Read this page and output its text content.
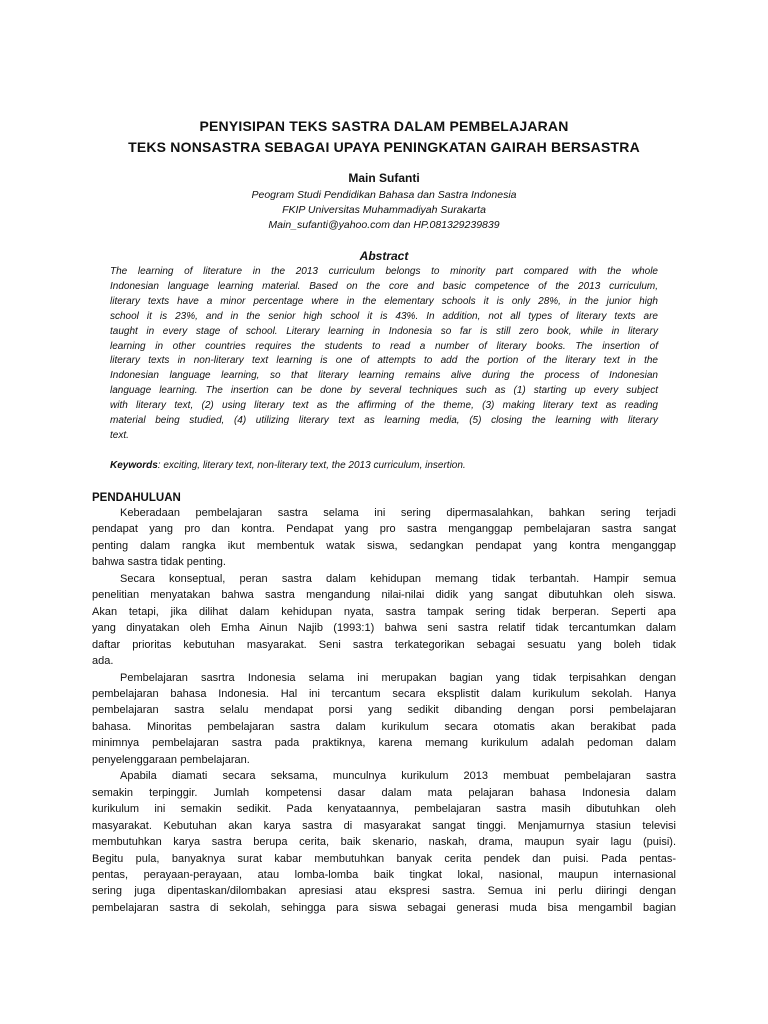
PENYISIPAN TEKS SASTRA DALAM PEMBELAJARAN
TEKS NONSASTRA SEBAGAI UPAYA PENINGKATAN GAIRAH BERSASTRA
Main Sufanti
Peogram Studi Pendidikan Bahasa dan Sastra Indonesia
FKIP Universitas Muhammadiyah Surakarta
Main_sufanti@yahoo.com dan HP.081329239839
Abstract
The learning of literature in the 2013 curriculum belongs to minority part compared with the whole
Indonesian language learning material. Based on the core and basic competence of the 2013 curriculum,
literary texts have a minor percentage where in the elementary schools it is only 28%, in the junior high
school it is 23%, and in the senior high school it is 43%. In addition, not all types of literary texts are
taught in every stage of school. Literary learning in Indonesia so far is still zero book, while in literary
learning in other countries requires the students to read a number of literary books. The insertion of
literary texts in non-literary text learning is one of attempts to add the portion of the literary text in the
Indonesian language learning, so that literary learning remains alive during the process of Indonesian
language learning. The insertion can be done by several techniques such as (1) starting up every subject
with literary text, (2) using literary text as the affirming of the theme, (3) making literary text as reading
material being studied, (4) utilizing literary text as learning media, (5) closing the learning with literary
text.
Keywords: exciting, literary text, non-literary text, the 2013 curriculum, insertion.
PENDAHULUAN
Keberadaan pembelajaran sastra selama ini sering dipermasalahkan, bahkan sering terjadi
pendapat yang pro dan kontra. Pendapat yang pro sastra menganggap pembelajaran sastra sangat
penting dalam rangka ikut membentuk watak siswa, sedangkan pendapat yang kontra menganggap
bahwa sastra tidak penting.
Secara konseptual, peran sastra dalam kehidupan memang tidak terbantah. Hampir semua
penelitian menyatakan bahwa sastra mengandung nilai-nilai didik yang sangat dibutuhkan oleh siswa.
Akan tetapi, jika dilihat dalam kehidupan nyata, sastra tampak sering tidak berperan. Seperti apa
yang dinyatakan oleh Emha Ainun Najib (1993:1) bahwa seni sastra relatif tidak tercantumkan dalam
daftar prioritas kebutuhan masyarakat. Seni sastra terkategorikan sebagai sesuatu yang boleh tidak
ada.
Pembelajaran sasrtra Indonesia selama ini merupakan bagian yang tidak terpisahkan dengan
pembelajaran bahasa Indonesia. Hal ini tercantum secara eksplistit dalam kurikulum sekolah. Hanya
pembelajaran sastra selalu mendapat porsi yang sedikit dibanding dengan porsi pembelajaran
bahasa. Minoritas pembelajaran sastra dalam kurikulum secara otomatis akan berakibat pada
minimnya pembelajaran sastra pada praktiknya, karena memang kurikulum adalah pedoman dalam
penyelenggaraan pembelajaran.
Apabila diamati secara seksama, munculnya kurikulum 2013 membuat pembelajaran sastra
semakin terpinggir. Jumlah kompetensi dasar dalam mata pelajaran bahasa Indonesia dalam
kurikulum ini semakin sedikit. Pada kenyataannya, pembelajaran sastra masih dibutuhkan oleh
masyarakat. Kebutuhan akan karya sastra di masyarakat sangat tinggi. Menjamurnya stasiun televisi
membutuhkan karya sastra berupa cerita, baik skenario, naskah, drama, maupun syair lagu (puisi).
Begitu pula, banyaknya surat kabar membutuhkan banyak cerita pendek dan puisi. Pada pentas-
pentas, perayaan-perayaan, atau lomba-lomba baik tingkat lokal, nasional, maupun internasional
sering juga dipentaskan/dilombakan apresiasi atau ekspresi sastra. Semua ini perlu diiringi dengan
pembelajaran sastra di sekolah, sehingga para siswa sebagai generasi muda bisa mengambil bagian
